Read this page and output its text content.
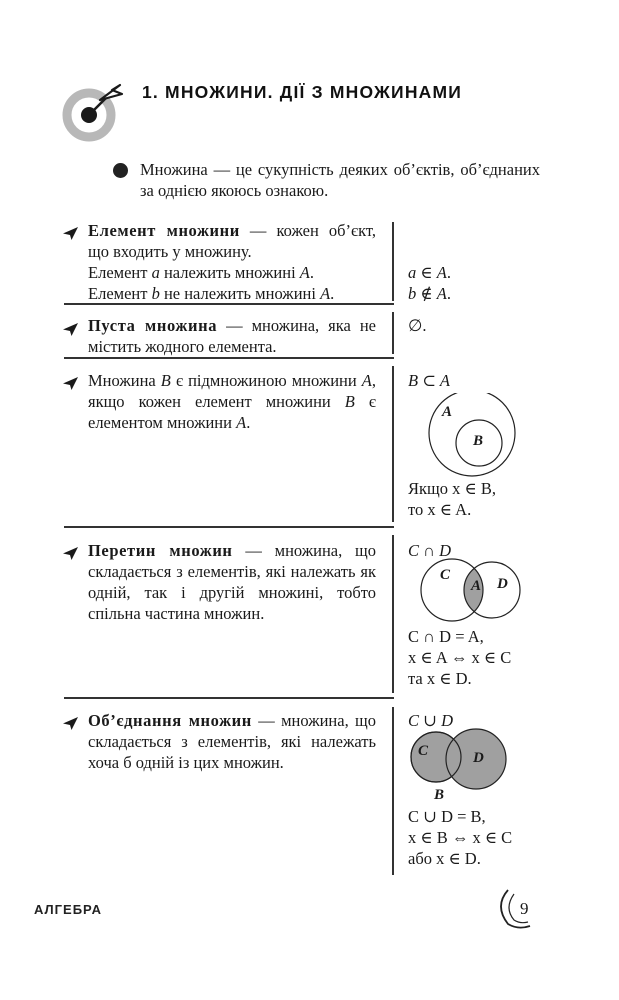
1. МНОЖИНИ. ДІЇ З МНОЖИНАМИ
Множина — це сукупність деяких об’єктів, об’єднаних за однією якоюсь ознакою.

Елемент множини — кожен об’єкт, що входить у множину.

Елемент a належить множині A.

Елемент b не належить множині A.

a ∈ A.

b ∉ A.

Пуста множина — множина, яка не містить жодного елемента.

∅.

Множина B є підмножиною множини A, якщо кожен елемент множини B є елементом множини A.

B ⊂ A
A
B

Якщо x ∈ B,

то x ∈ A.

Перетин множин — множина, що складається з елементів, які належать як одній, так і другій множині, тобто спільна частина множин.

C ∩ D
C
A D

C ∩ D = A,

x ∈ A ⇔ x ∈ C

та x ∈ D.

Об’єднання множин — множина, що складається з елементів, які належать хоча б одній із цих множин.

C ∪ D
C	D
B

C ∪ D = B,

x ∈ B ⇔ x ∈ C

або x ∈ D.

АЛГЕБРА	9
